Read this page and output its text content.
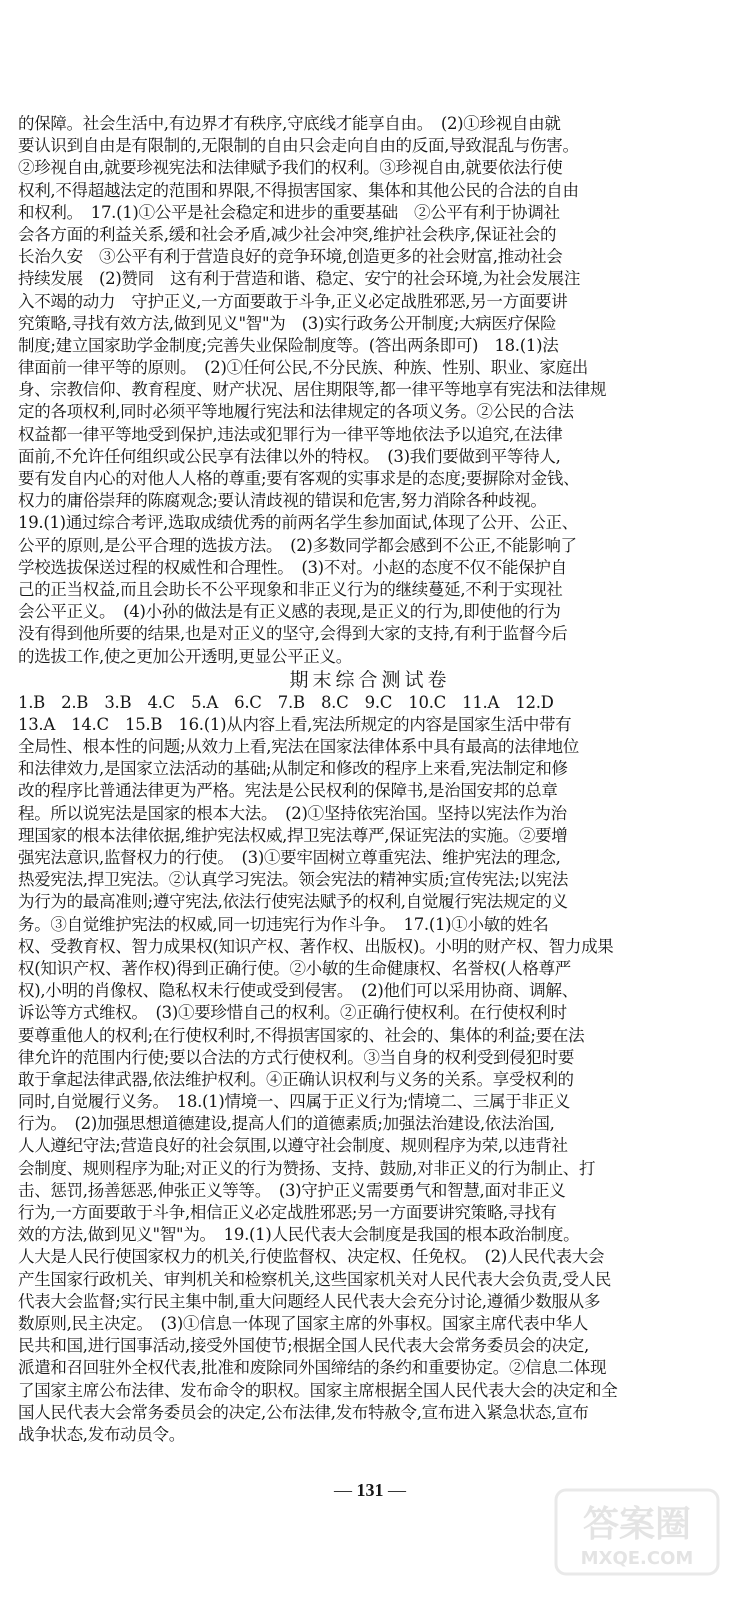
的保障。社会生活中,有边界才有秩序,守底线才能享自由。　(2)①珍视自由就
要认识到自由是有限制的,无限制的自由只会走向自由的反面,导致混乱与伤害。
②珍视自由,就要珍视宪法和法律赋予我们的权利。③珍视自由,就要依法行使
权利,不得超越法定的范围和界限,不得损害国家、集体和其他公民的合法的自由
和权利。　17.(1)①公平是社会稳定和进步的重要基础　②公平有利于协调社
会各方面的利益关系,缓和社会矛盾,减少社会冲突,维护社会秩序,保证社会的
长治久安　③公平有利于营造良好的竞争环境,创造更多的社会财富,推动社会
持续发展　(2)赞同　这有利于营造和谐、稳定、安宁的社会环境,为社会发展注
入不竭的动力　守护正义,一方面要敢于斗争,正义必定战胜邪恶,另一方面要讲
究策略,寻找有效方法,做到见义"智"为　(3)实行政务公开制度;大病医疗保险
制度;建立国家助学金制度;完善失业保险制度等。(答出两条即可)　18.(1)法
律面前一律平等的原则。　(2)①任何公民,不分民族、种族、性别、职业、家庭出
身、宗教信仰、教育程度、财产状况、居住期限等,都一律平等地享有宪法和法律规
定的各项权利,同时必须平等地履行宪法和法律规定的各项义务。②公民的合法
权益都一律平等地受到保护,违法或犯罪行为一律平等地依法予以追究,在法律
面前,不允许任何组织或公民享有法律以外的特权。　(3)我们要做到平等待人,
要有发自内心的对他人人格的尊重;要有客观的实事求是的态度;要摒除对金钱、
权力的庸俗崇拜的陈腐观念;要认清歧视的错误和危害,努力消除各种歧视。
19.(1)通过综合考评,选取成绩优秀的前两名学生参加面试,体现了公开、公正、
公平的原则,是公平合理的选拔方法。　(2)多数同学都会感到不公正,不能影响了
学校选拔保送过程的权威性和合理性。　(3)不对。小赵的态度不仅不能保护自
己的正当权益,而且会助长不公平现象和非正义行为的继续蔓延,不利于实现社
会公平正义。　(4)小孙的做法是有正义感的表现,是正义的行为,即使他的行为
没有得到他所要的结果,也是对正义的坚守,会得到大家的支持,有利于监督今后
的选拔工作,使之更加公开透明,更显公平正义。
期末综合测试卷
1.B　2.B　3.B　4.C　5.A　6.C　7.B　8.C　9.C　10.C　11.A　12.D
13.A　14.C　15.B　16.(1)从内容上看,宪法所规定的内容是国家生活中带有
全局性、根本性的问题;从效力上看,宪法在国家法律体系中具有最高的法律地位
和法律效力,是国家立法活动的基础;从制定和修改的程序上来看,宪法制定和修
改的程序比普通法律更为严格。宪法是公民权利的保障书,是治国安邦的总章
程。所以说宪法是国家的根本大法。　(2)①坚持依宪治国。坚持以宪法作为治
理国家的根本法律依据,维护宪法权威,捍卫宪法尊严,保证宪法的实施。②要增
强宪法意识,监督权力的行使。　(3)①要牢固树立尊重宪法、维护宪法的理念,
热爱宪法,捍卫宪法。②认真学习宪法。领会宪法的精神实质;宣传宪法;以宪法
为行为的最高准则;遵守宪法,依法行使宪法赋予的权利,自觉履行宪法规定的义
务。③自觉维护宪法的权威,同一切违宪行为作斗争。　17.(1)①小敏的姓名
权、受教育权、智力成果权(知识产权、著作权、出版权)。小明的财产权、智力成果
权(知识产权、著作权)得到正确行使。②小敏的生命健康权、名誉权(人格尊严
权),小明的肖像权、隐私权未行使或受到侵害。　(2)他们可以采用协商、调解、
诉讼等方式维权。　(3)①要珍惜自己的权利。②正确行使权利。在行使权利时
要尊重他人的权利;在行使权利时,不得损害国家的、社会的、集体的利益;要在法
律允许的范围内行使;要以合法的方式行使权利。③当自身的权利受到侵犯时要
敢于拿起法律武器,依法维护权利。④正确认识权利与义务的关系。享受权利的
同时,自觉履行义务。　18.(1)情境一、四属于正义行为;情境二、三属于非正义
行为。　(2)加强思想道德建设,提高人们的道德素质;加强法治建设,依法治国,
人人遵纪守法;营造良好的社会氛围,以遵守社会制度、规则程序为荣,以违背社
会制度、规则程序为耻;对正义的行为赞扬、支持、鼓励,对非正义的行为制止、打
击、惩罚,扬善惩恶,伸张正义等等。　(3)守护正义需要勇气和智慧,面对非正义
行为,一方面要敢于斗争,相信正义必定战胜邪恶;另一方面要讲究策略,寻找有
效的方法,做到见义"智"为。　19.(1)人民代表大会制度是我国的根本政治制度。
人大是人民行使国家权力的机关,行使监督权、决定权、任免权。　(2)人民代表大会
产生国家行政机关、审判机关和检察机关,这些国家机关对人民代表大会负责,受人民
代表大会监督;实行民主集中制,重大问题经人民代表大会充分讨论,遵循少数服从多
数原则,民主决定。　(3)①信息一体现了国家主席的外事权。国家主席代表中华人
民共和国,进行国事活动,接受外国使节;根据全国人民代表大会常务委员会的决定,
派遣和召回驻外全权代表,批准和废除同外国缔结的条约和重要协定。②信息二体现
了国家主席公布法律、发布命令的职权。国家主席根据全国人民代表大会的决定和全
国人民代表大会常务委员会的决定,公布法律,发布特赦令,宣布进入紧急状态,宣布
战争状态,发布动员令。
— 131 —
答案圈
MXQE.COM
